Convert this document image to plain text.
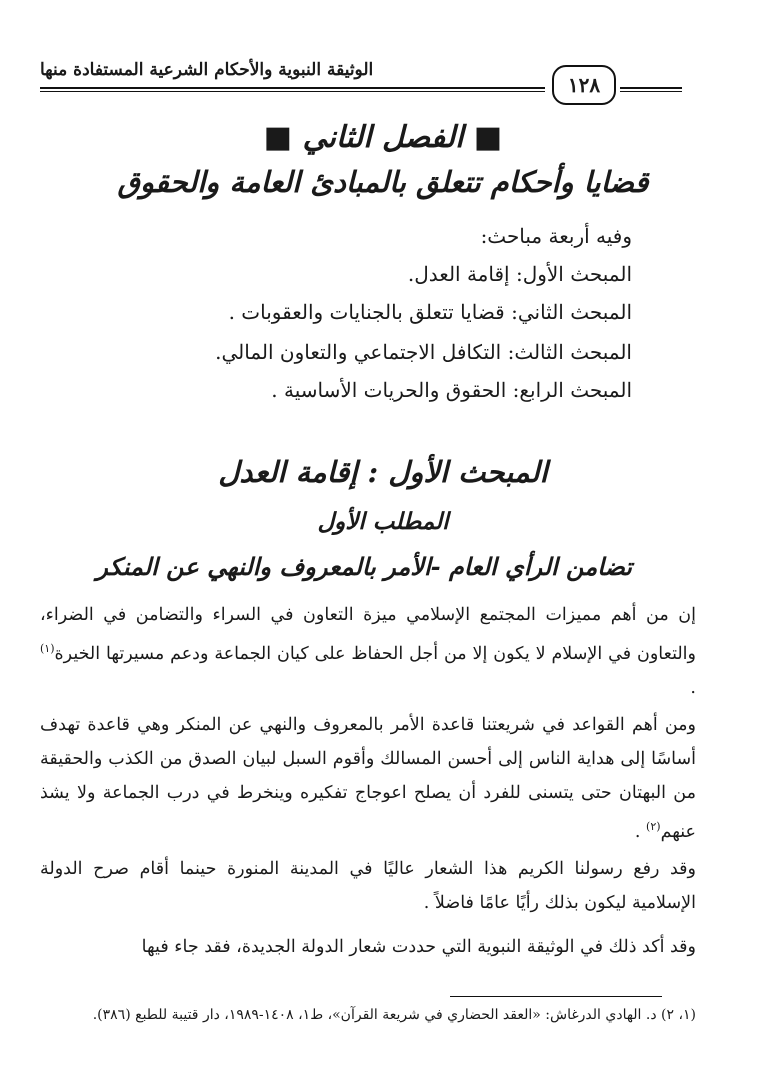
الوثيقة النبوية والأحكام الشرعية المستفادة منها
١٢٨
■ الفصل الثاني ■
قضايا وأحكام تتعلق بالمبادئ العامة والحقوق
وفيه أربعة مباحث:
المبحث الأول: إقامة العدل.
المبحث الثاني: قضايا تتعلق بالجنايات والعقوبات .
المبحث الثالث: التكافل الاجتماعي والتعاون المالي.
المبحث الرابع: الحقوق والحريات الأساسية .
المبحث الأول : إقامة العدل
المطلب الأول
تضامن الرأي العام -الأمر بالمعروف والنهي عن المنكر
إن من أهم مميزات المجتمع الإسلامي ميزة التعاون في السراء والتضامن في الضراء، والتعاون في الإسلام لا يكون إلا من أجل الحفاظ على كيان الجماعة ودعم مسيرتها الخيرة$^{(١)}$ .
ومن أهم القواعد في شريعتنا قاعدة الأمر بالمعروف والنهي عن المنكر وهي قاعدة تهدف أساسًا إلى هداية الناس إلى أحسن المسالك وأقوم السبل لبيان الصدق من الكذب والحقيقة من البهتان حتى يتسنى للفرد أن يصلح اعوجاج تفكيره وينخرط في درب الجماعة ولا يشذ عنهم$^{(٢)}$ .
وقد رفع رسولنا الكريم هذا الشعار عاليًا في المدينة المنورة حينما أقام صرح الدولة الإسلامية ليكون بذلك رأيًا عامًا فاضلاً .
وقد أكد ذلك في الوثيقة النبوية التي حددت شعار الدولة الجديدة، فقد جاء فيها
(١، ٢) د. الهادي الدرغاش: «العقد الحضاري في شريعة القرآن»، ط١، ١٤٠٨-١٩٨٩، دار قتيبة للطبع (٣٨٦).
